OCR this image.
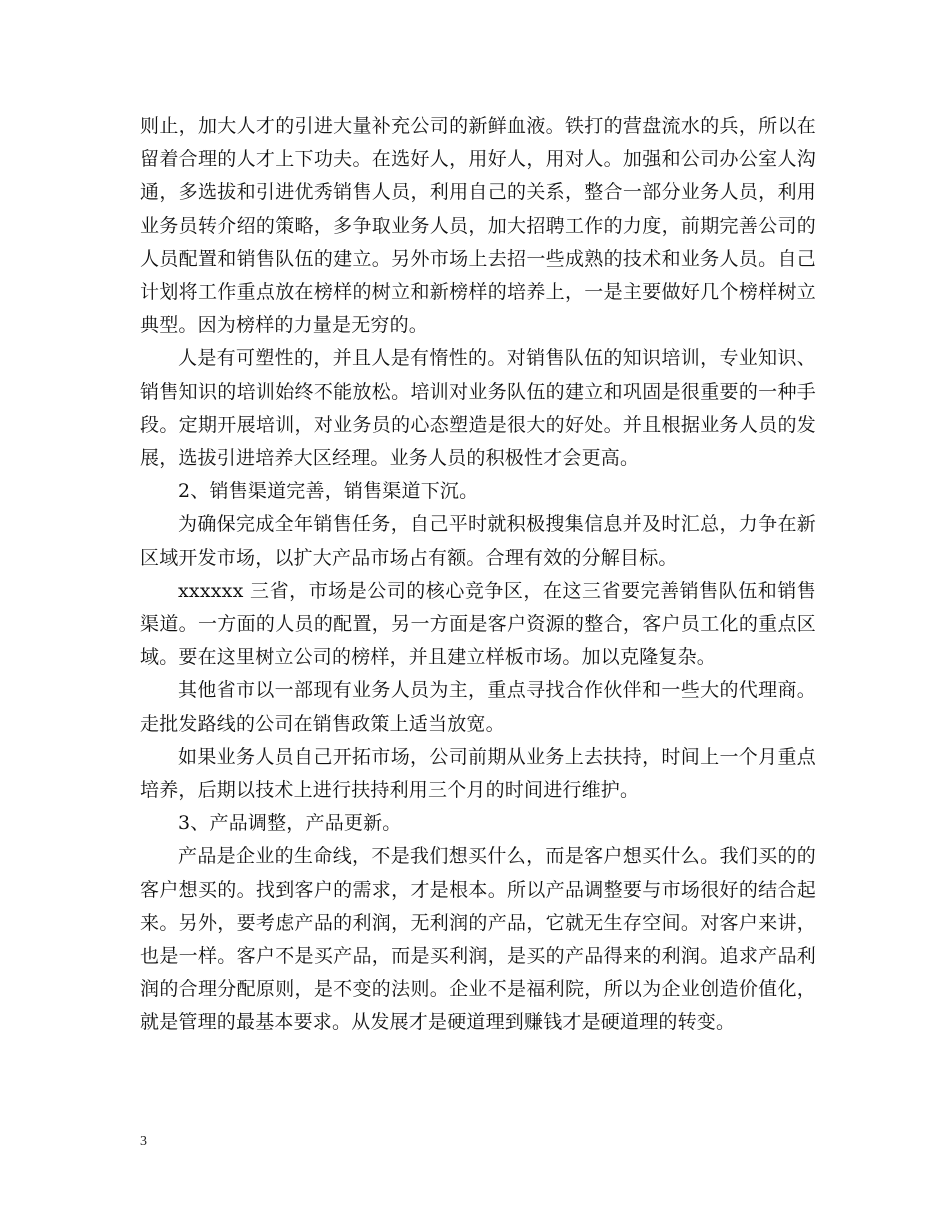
则止，加大人才的引进大量补充公司的新鲜血液。铁打的营盘流水的兵，所以在留着合理的人才上下功夫。在选好人，用好人，用对人。加强和公司办公室人沟通，多选拔和引进优秀销售人员，利用自己的关系，整合一部分业务人员，利用业务员转介绍的策略，多争取业务人员，加大招聘工作的力度，前期完善公司的人员配置和销售队伍的建立。另外市场上去招一些成熟的技术和业务人员。自己计划将工作重点放在榜样的树立和新榜样的培养上，一是主要做好几个榜样树立典型。因为榜样的力量是无穷的。

人是有可塑性的，并且人是有惰性的。对销售队伍的知识培训，专业知识、销售知识的培训始终不能放松。培训对业务队伍的建立和巩固是很重要的一种手段。定期开展培训，对业务员的心态塑造是很大的好处。并且根据业务人员的发展，选拔引进培养大区经理。业务人员的积极性才会更高。

2、销售渠道完善，销售渠道下沉。

为确保完成全年销售任务，自己平时就积极搜集信息并及时汇总，力争在新区域开发市场，以扩大产品市场占有额。合理有效的分解目标。

xxxxxx 三省，市场是公司的核心竞争区，在这三省要完善销售队伍和销售渠道。一方面的人员的配置，另一方面是客户资源的整合，客户员工化的重点区域。要在这里树立公司的榜样，并且建立样板市场。加以克隆复杂。

其他省市以一部现有业务人员为主，重点寻找合作伙伴和一些大的代理商。走批发路线的公司在销售政策上适当放宽。

如果业务人员自己开拓市场，公司前期从业务上去扶持，时间上一个月重点培养，后期以技术上进行扶持利用三个月的时间进行维护。

3、产品调整，产品更新。

产品是企业的生命线，不是我们想买什么，而是客户想买什么。我们买的的客户想买的。找到客户的需求，才是根本。所以产品调整要与市场很好的结合起来。另外，要考虑产品的利润，无利润的产品，它就无生存空间。对客户来讲，也是一样。客户不是买产品，而是买利润，是买的产品得来的利润。追求产品利润的合理分配原则，是不变的法则。企业不是福利院，所以为企业创造价值化，就是管理的最基本要求。从发展才是硬道理到赚钱才是硬道理的转变。

3
